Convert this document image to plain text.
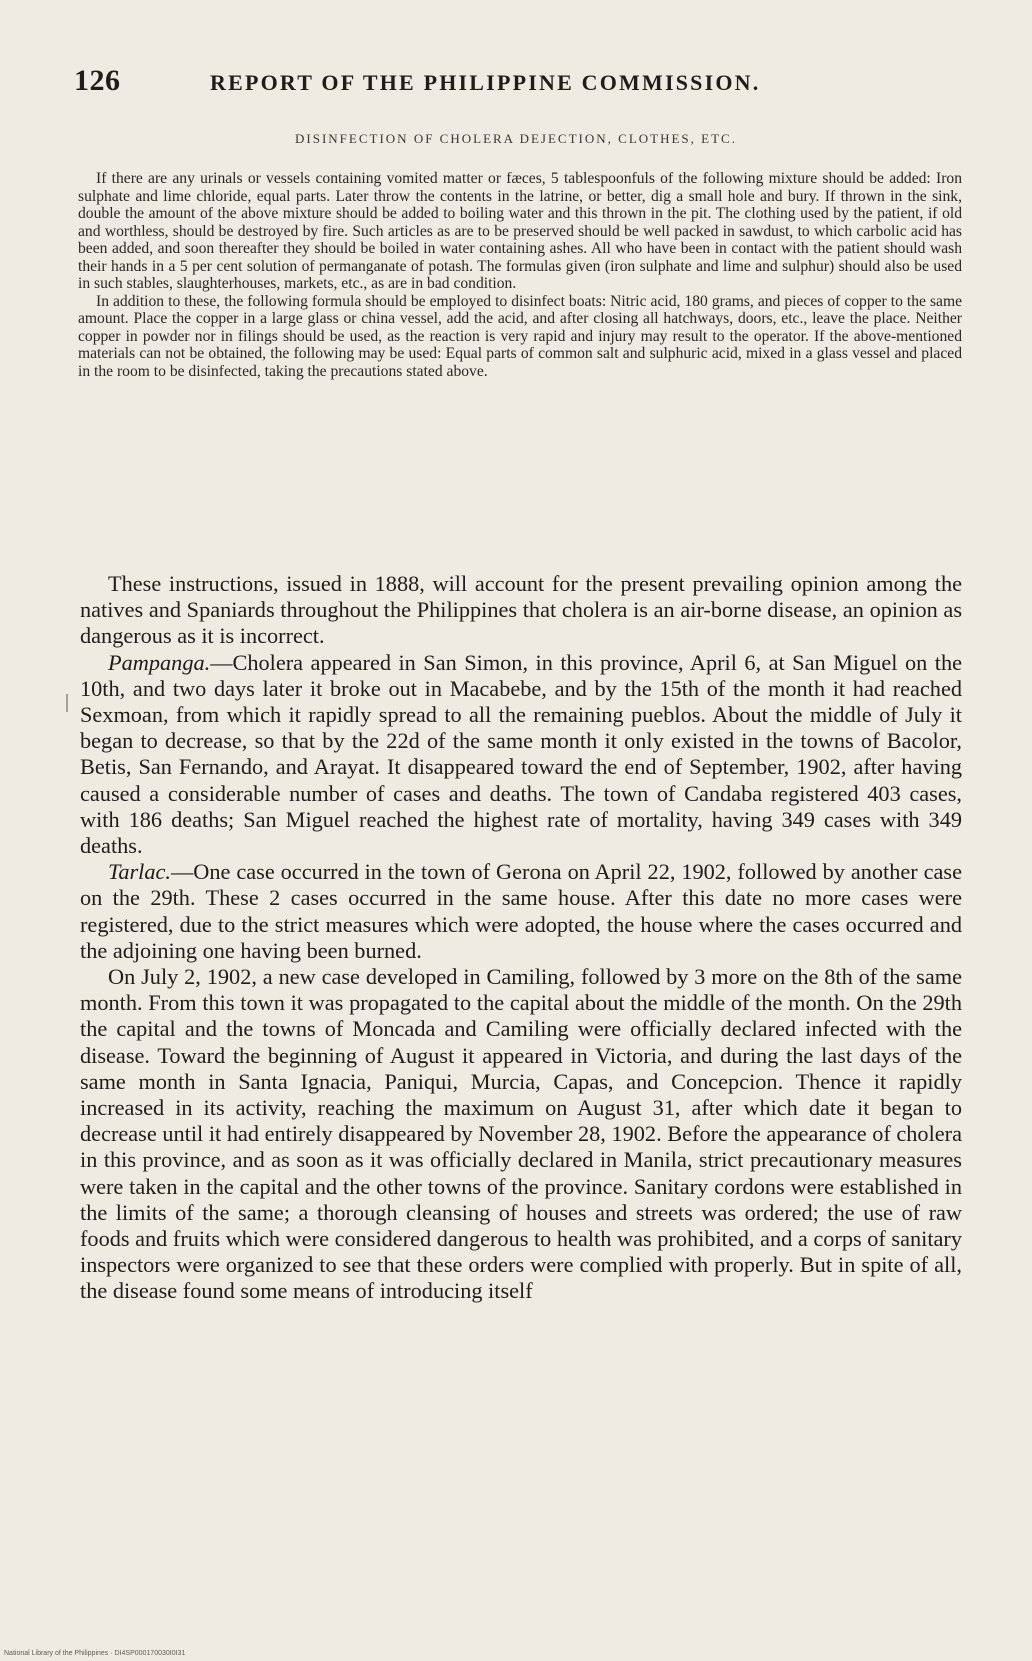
126	REPORT OF THE PHILIPPINE COMMISSION.
DISINFECTION OF CHOLERA DEJECTION, CLOTHES, ETC.

If there are any urinals or vessels containing vomited matter or fæces, 5 tablespoonfuls of the following mixture should be added: Iron sulphate and lime chloride, equal parts. Later throw the contents in the latrine, or better, dig a small hole and bury. If thrown in the sink, double the amount of the above mixture should be added to boiling water and this thrown in the pit. The clothing used by the patient, if old and worthless, should be destroyed by fire. Such articles as are to be preserved should be well packed in sawdust, to which carbolic acid has been added, and soon thereafter they should be boiled in water containing ashes. All who have been in contact with the patient should wash their hands in a 5 per cent solution of permanganate of potash. The formulas given (iron sulphate and lime and sulphur) should also be used in such stables, slaughterhouses, markets, etc., as are in bad condition.

In addition to these, the following formula should be employed to disinfect boats: Nitric acid, 180 grams, and pieces of copper to the same amount. Place the copper in a large glass or china vessel, add the acid, and after closing all hatchways, doors, etc., leave the place. Neither copper in powder nor in filings should be used, as the reaction is very rapid and injury may result to the operator. If the above-mentioned materials can not be obtained, the following may be used: Equal parts of common salt and sulphuric acid, mixed in a glass vessel and placed in the room to be disinfected, taking the precautions stated above.

These instructions, issued in 1888, will account for the present prevailing opinion among the natives and Spaniards throughout the Philippines that cholera is an air-borne disease, an opinion as dangerous as it is incorrect.

Pampanga.—Cholera appeared in San Simon, in this province, April 6, at San Miguel on the 10th, and two days later it broke out in Macabebe, and by the 15th of the month it had reached Sexmoan, from which it rapidly spread to all the remaining pueblos. About the middle of July it began to decrease, so that by the 22d of the same month it only existed in the towns of Bacolor, Betis, San Fernando, and Arayat. It disappeared toward the end of September, 1902, after having caused a considerable number of cases and deaths. The town of Candaba registered 403 cases, with 186 deaths; San Miguel reached the highest rate of mortality, having 349 cases with 349 deaths.

Tarlac.—One case occurred in the town of Gerona on April 22, 1902, followed by another case on the 29th. These 2 cases occurred in the same house. After this date no more cases were registered, due to the strict measures which were adopted, the house where the cases occurred and the adjoining one having been burned.

On July 2, 1902, a new case developed in Camiling, followed by 3 more on the 8th of the same month. From this town it was propagated to the capital about the middle of the month. On the 29th the capital and the towns of Moncada and Camiling were officially declared infected with the disease. Toward the beginning of August it appeared in Victoria, and during the last days of the same month in Santa Ignacia, Paniqui, Murcia, Capas, and Concepcion. Thence it rapidly increased in its activity, reaching the maximum on August 31, after which date it began to decrease until it had entirely disappeared by November 28, 1902. Before the appearance of cholera in this province, and as soon as it was officially declared in Manila, strict precautionary measures were taken in the capital and the other towns of the province. Sanitary cordons were established in the limits of the same; a thorough cleansing of houses and streets was ordered; the use of raw foods and fruits which were considered dangerous to health was prohibited, and a corps of sanitary inspectors were organized to see that these orders were complied with properly. But in spite of all, the disease found some means of introducing itself

National Library of the Philippines · DI4SP000170030I0I31
